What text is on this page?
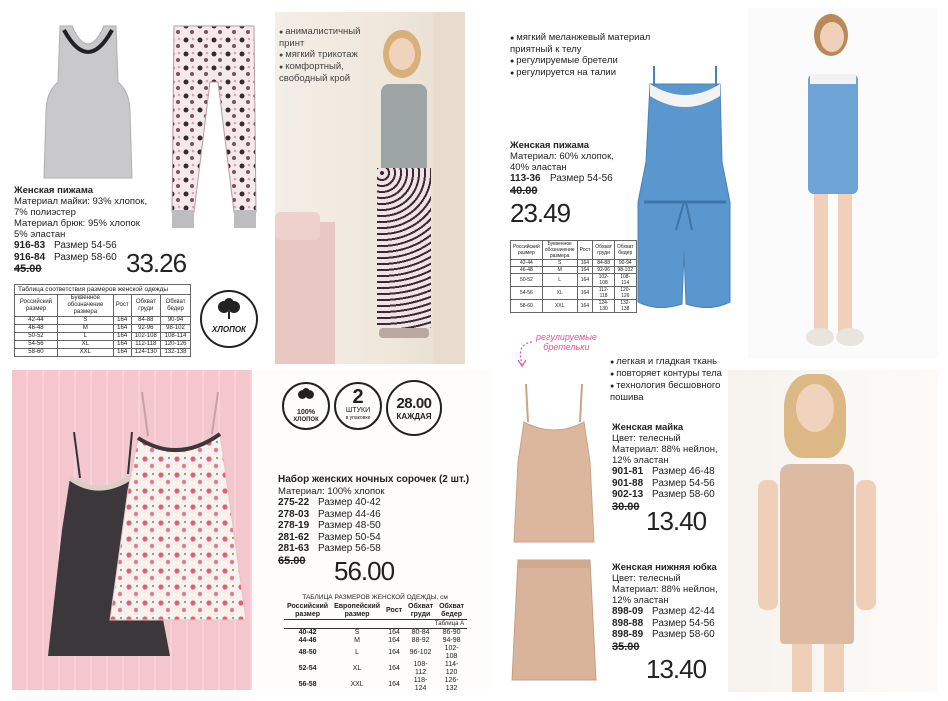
Женская пижама
Материал майки: 93% хлопок,
7% полиэстер
Материал брюк: 95% хлопок
5% эластан
916-83 Размер 54-56
916-84 Размер 58-60
45.00	33.26
Таблица соответствия размеров женской одежды
Российский размер	Буквенное обозначение размера	Рост	Обхват груди	Обхват бедер
42-44	S	164	84-88	90-94
46-48	M	164	92-96	98-102
50-52	L	164	102-108	108-114
54-56	XL	164	112-118	120-126
58-60	XXL	164	124-130	132-138
ХЛОПОК
● анималистичный принт
● мягкий трикотаж
● комфортный, свободный крой
● мягкий меланжевый материал приятный к телу
● регулируемые бретели
● регулируется на талии
Женская пижама
Материал: 60% хлопок,
40% эластан
113-36 Размер 54-56
40.00
23.49
Российский размер	Буквенное обозначение размера	Рост	Обхват груди	Обхват бедер
42-44	S	164	84-88	90-94
46-48	M	164	92-96	98-102
50-52	L	164	102-108	108-114
54-56	XL	164	112-118	120-126
58-60	XXL	164	124-130	132-138
100%
ХЛОПОК
2
ШТУКИ
в упаковке
28.00
КАЖДАЯ
Набор женских ночных сорочек (2 шт.)
Материал: 100% хлопок
275-22 Размер 40-42
278-03 Размер 44-46
278-19 Размер 48-50
281-62 Размер 50-54
281-63 Размер 56-58
65.00	56.00
ТАБЛИЦА РАЗМЕРОВ ЖЕНСКОЙ ОДЕЖДЫ, см
Российский размер	Европейский размер	Рост	Обхват груди	Обхват бедер
Таблица А				
40-42	S	164	80-84	86-90
44-46	M	164	88-92	94-98
48-50	L	164	96-102	102-108
52-54	XL	164	108-112	114-120
56-58	XXL	164	118-124	126-132
регулируемые
бретельки
● легкая и гладкая ткань
● повторяет контуры тела
● технология бесшовного пошива
Женская майка
Цвет: телесный
Материал: 88% нейлон,
12% эластан
901-81 Размер 46-48
901-88 Размер 54-56
902-13 Размер 58-60
30.00 13.40
Женская нижняя юбка
Цвет: телесный
Материал: 88% нейлон,
12% эластан
898-09 Размер 42-44
898-88 Размер 54-56
898-89 Размер 58-60
35.00
13.40
